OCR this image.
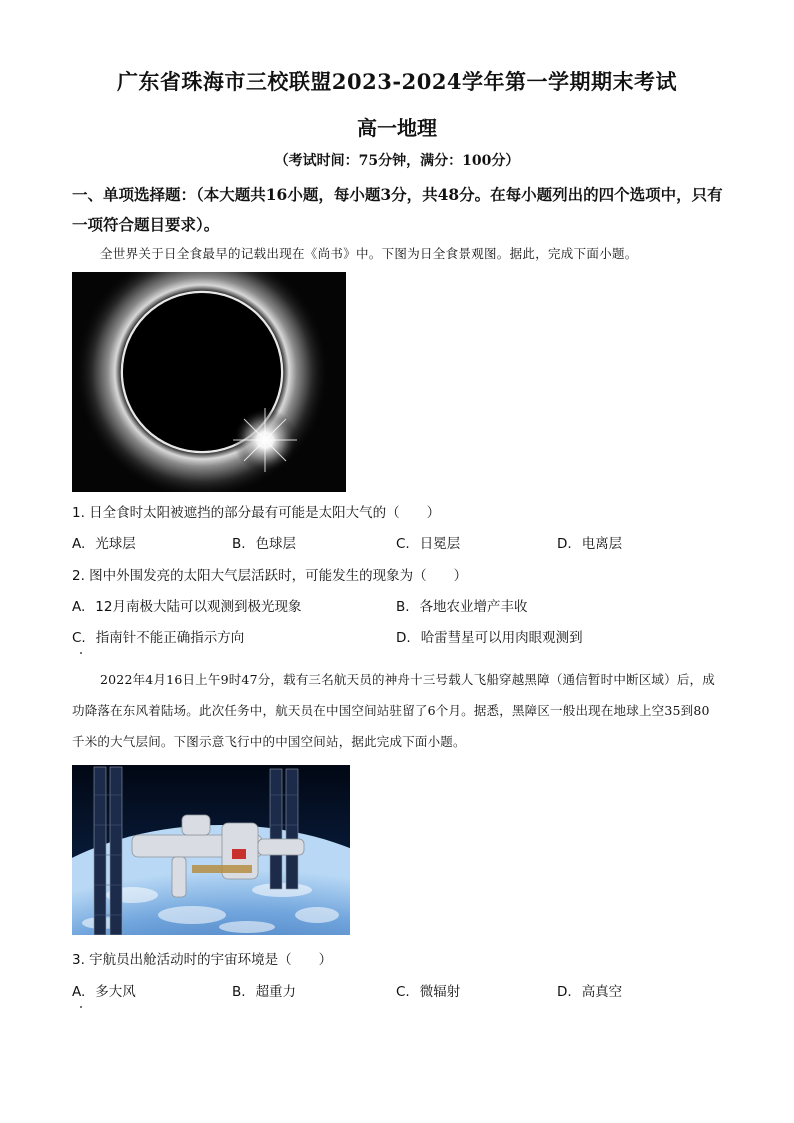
广东省珠海市三校联盟2023-2024学年第一学期期末考试
高一地理
（考试时间：75分钟，满分：100分）
一、单项选择题：（本大题共16小题，每小题3分，共48分。在每小题列出的四个选项中，只有一项符合题目要求）。
全世界关于日全食最早的记载出现在《尚书》中。下图为日全食景观图。据此，完成下面小题。
1. 日全食时太阳被遮挡的部分最有可能是太阳大气的（　　）
A. 光球层	B. 色球层	C. 日冕层	D. 电离层
2. 图中外围发亮的太阳大气层活跃时，可能发生的现象为（　　）
A. 12月南极大陆可以观测到极光现象	B. 各地农业增产丰收
C. 指南针不能正确指示方向	D. 哈雷彗星可以用肉眼观测到
2022年4月16日上午9时47分，载有三名航天员的神舟十三号载人飞船穿越黑障（通信暂时中断区域）后，成功降落在东风着陆场。此次任务中，航天员在中国空间站驻留了6个月。据悉，黑障区一般出现在地球上空35到80千米的大气层间。下图示意飞行中的中国空间站，据此完成下面小题。
3. 宇航员出舱活动时的宇宙环境是（　　）
A. 多大风	B. 超重力	C. 微辐射	D. 高真空
